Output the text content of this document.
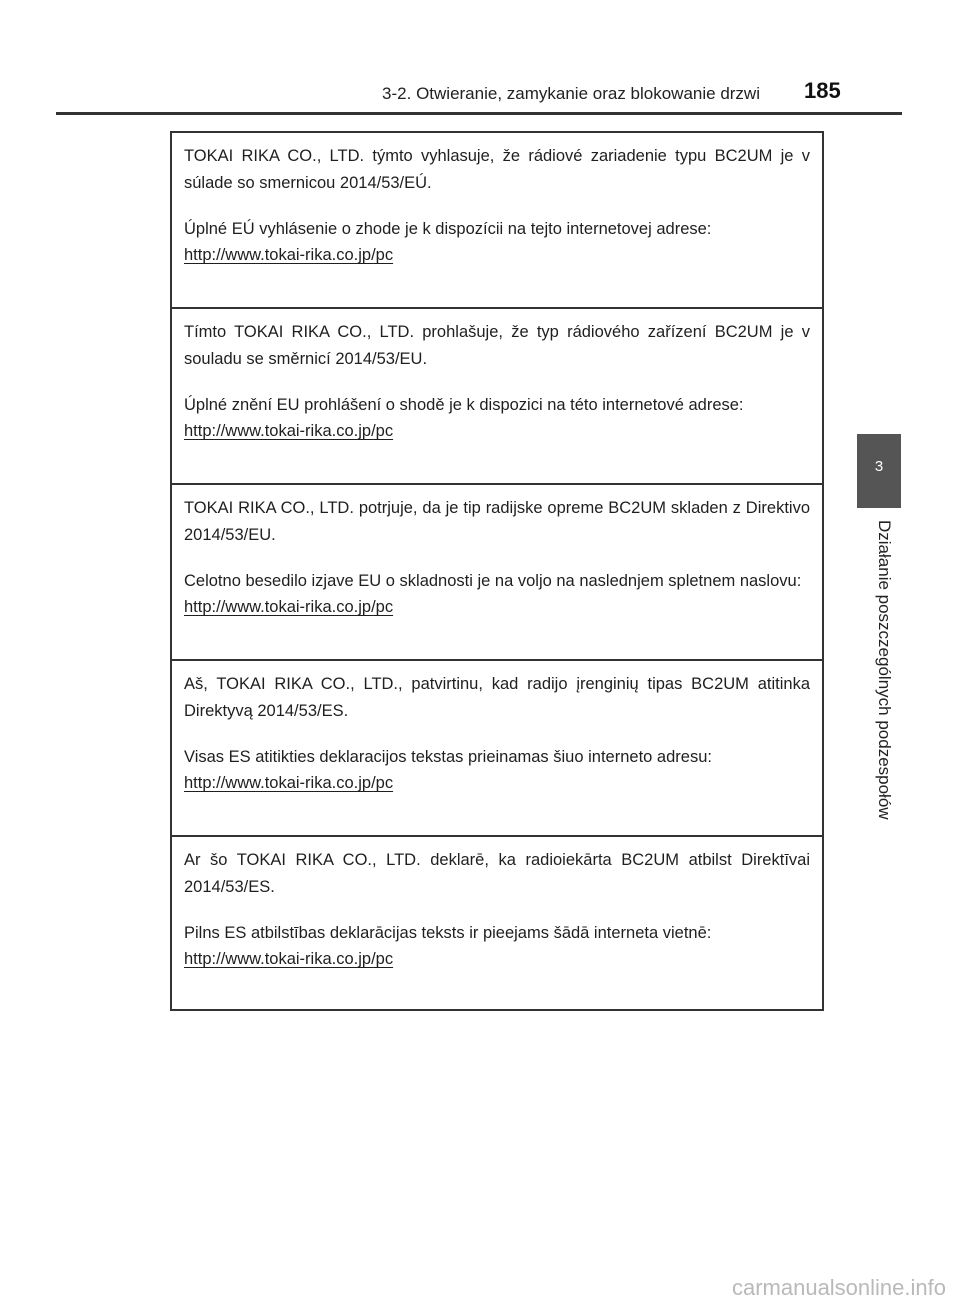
3-2. Otwieranie, zamykanie oraz blokowanie drzwi 185

TOKAI RIKA CO., LTD. týmto vyhlasuje, že rádiové zariadenie typu BC2UM je v súlade so smernicou 2014/53/EÚ.

Úplné EÚ vyhlásenie o zhode je k dispozícii na tejto internetovej adrese:

http://www.tokai-rika.co.jp/pc

Tímto TOKAI RIKA CO., LTD. prohlašuje, že typ rádiového zařízení BC2UM je v souladu se směrnicí 2014/53/EU.

Úplné znění EU prohlášení o shodě je k dispozici na této internetové adrese:

http://www.tokai-rika.co.jp/pc

TOKAI RIKA CO., LTD. potrjuje, da je tip radijske opreme BC2UM skladen z Direktivo 2014/53/EU.

Celotno besedilo izjave EU o skladnosti je na voljo na naslednjem spletnem naslovu:

http://www.tokai-rika.co.jp/pc

Aš, TOKAI RIKA CO., LTD., patvirtinu, kad radijo įrenginių tipas BC2UM atitinka Direktyvą 2014/53/ES.

Visas ES atitikties deklaracijos tekstas prieinamas šiuo interneto adresu:

http://www.tokai-rika.co.jp/pc

Ar šo TOKAI RIKA CO., LTD. deklarē, ka radioiekārta BC2UM atbilst Direktīvai 2014/53/ES.

Pilns ES atbilstības deklarācijas teksts ir pieejams šādā interneta vietnē:

http://www.tokai-rika.co.jp/pc
3
Działanie poszczególnych podzespołów
carmanualsonline.info
